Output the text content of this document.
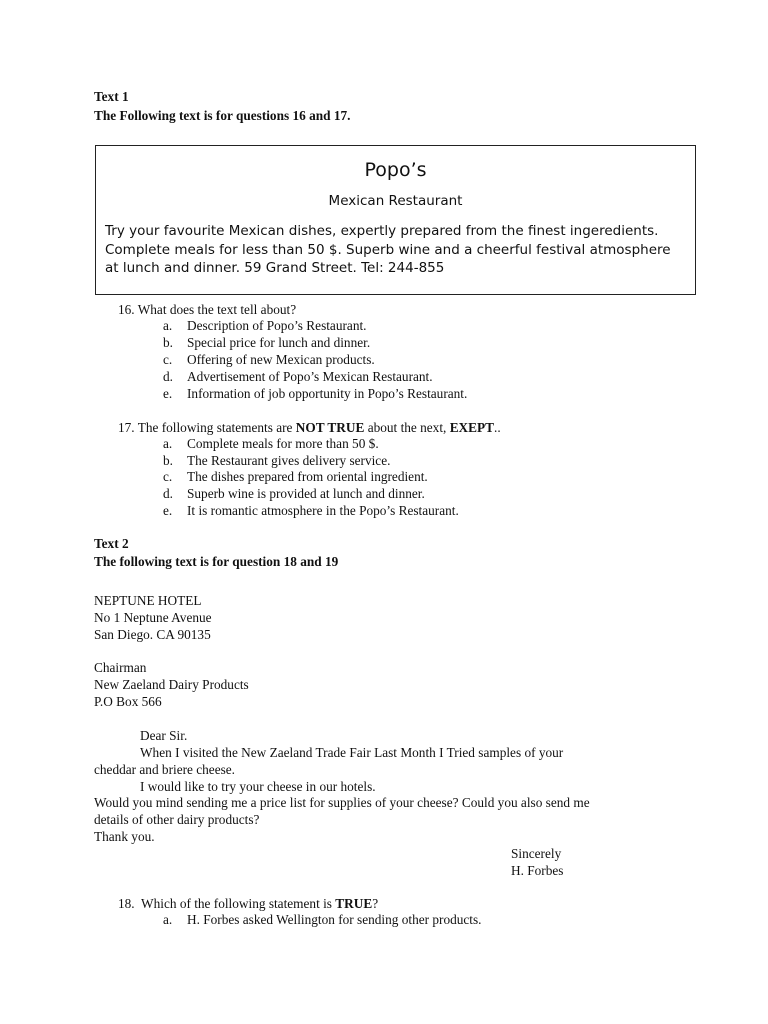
Text 1
The Following text is for questions 16 and 17.
Popo’s
Mexican Restaurant
Try your favourite Mexican dishes, expertly prepared from the finest ingeredients. Complete meals for less than 50 $. Superb wine and a cheerful festival atmosphere at lunch and dinner. 59 Grand Street. Tel: 244-855
16. What does the text tell about?
a. Description of Popo’s Restaurant.
b. Special price for lunch and dinner.
c. Offering of new Mexican products.
d. Advertisement of Popo’s Mexican Restaurant.
e. Information of job opportunity in Popo’s Restaurant.
17. The following statements are NOT TRUE about the next, EXEPT..
a. Complete meals for more than 50 $.
b. The Restaurant gives delivery service.
c. The dishes prepared from oriental ingredient.
d. Superb wine is provided at lunch and dinner.
e. It is romantic atmosphere in the Popo’s Restaurant.
Text 2
The following text is for question 18 and 19
NEPTUNE HOTEL
No 1 Neptune Avenue
San Diego. CA 90135
Chairman
New Zaeland Dairy Products
P.O Box 566
Dear Sir.
When I visited the New Zaeland Trade Fair Last Month I Tried samples of your
cheddar and briere cheese.
I would like to try your cheese in our hotels.
Would you mind sending me a price list for supplies of your cheese? Could you also send me
details of other dairy products?
Thank you.
Sincerely
H. Forbes
18. Which of the following statement is TRUE?
a. H. Forbes asked Wellington for sending other products.
